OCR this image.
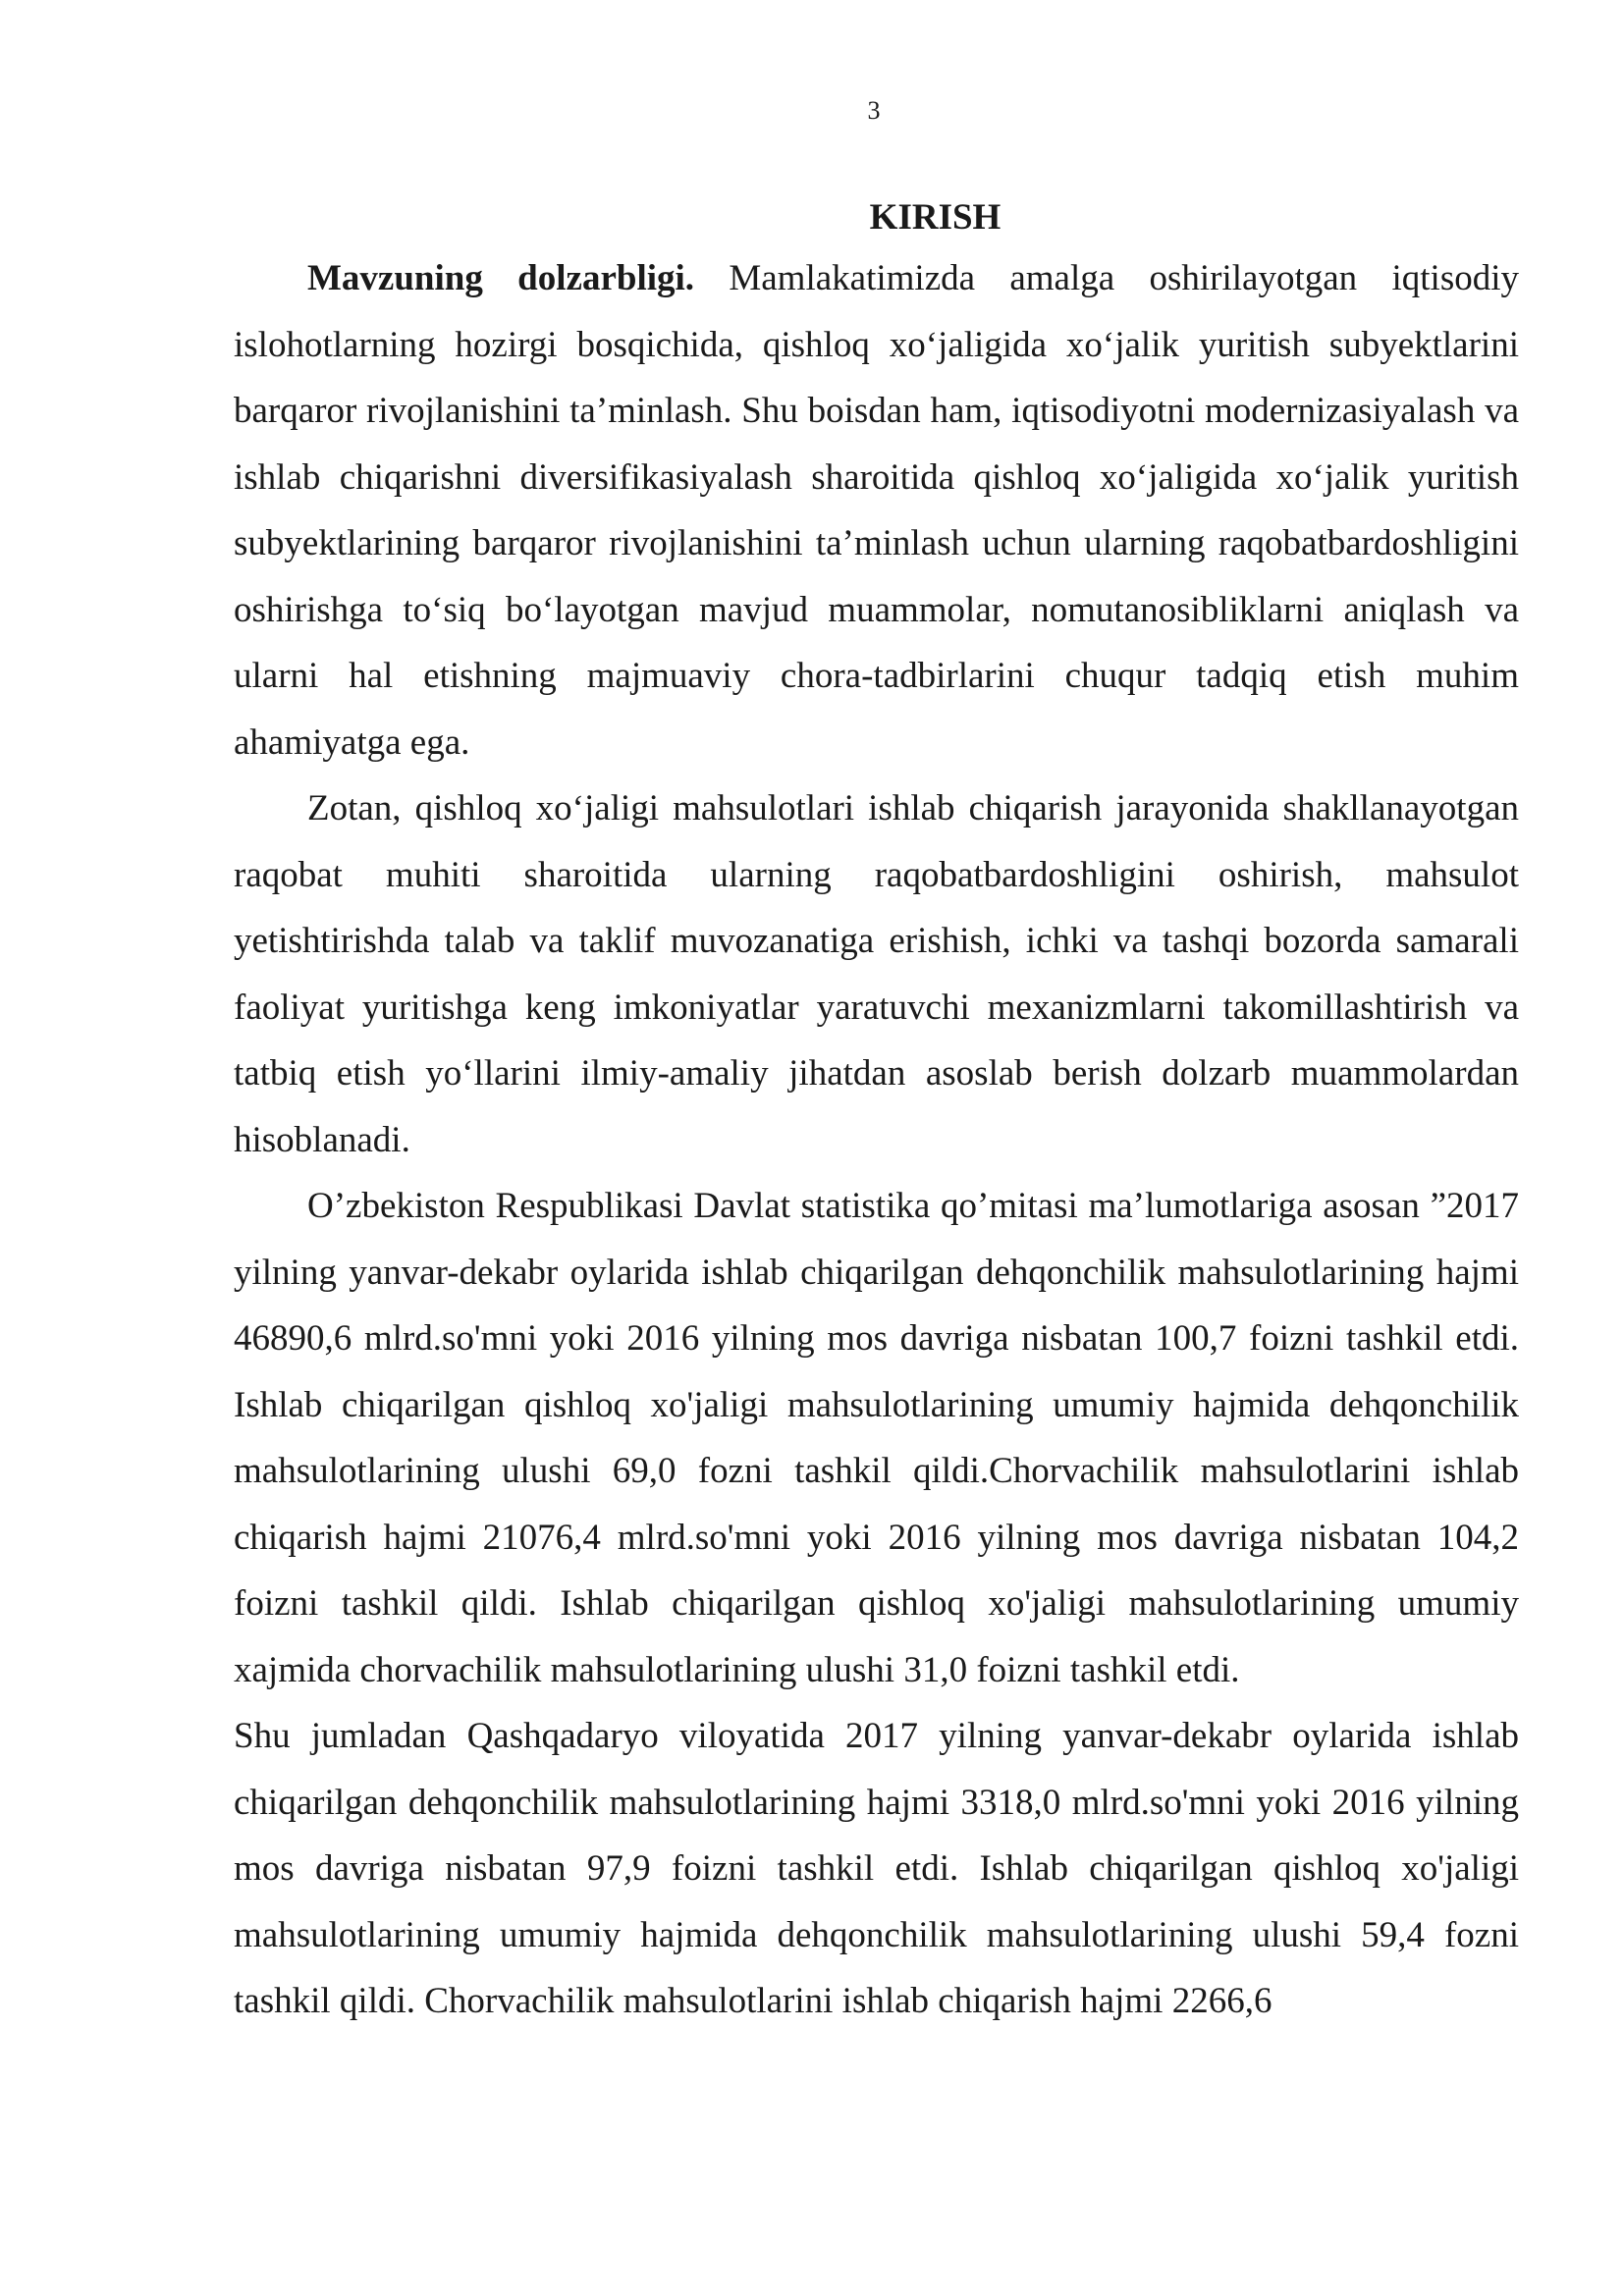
3
KIRISH

Mavzuning dolzarbligi. Mamlakatimizda amalga oshirilayotgan iqtisodiy islohotlarning hozirgi bosqichida, qishloq xo‘jaligida xo‘jalik yuritish subyektlarini barqaror rivojlanishini ta’minlash. Shu boisdan ham, iqtisodiyotni modernizasiyalash va ishlab chiqarishni diversifikasiyalash sharoitida qishloq xo‘jaligida xo‘jalik yuritish subyektlarining barqaror rivojlanishini ta’minlash uchun ularning raqobatbardoshligini oshirishga to‘siq bo‘layotgan mavjud muammolar, nomutanosibliklarni aniqlash va ularni hal etishning majmuaviy chora-tadbirlarini chuqur tadqiq etish muhim ahamiyatga ega.

Zotan, qishloq xo‘jaligi mahsulotlari ishlab chiqarish jarayonida shakllanayotgan raqobat muhiti sharoitida ularning raqobatbardoshligini oshirish, mahsulot yetishtirishda talab va taklif muvozanatiga erishish, ichki va tashqi bozorda samarali faoliyat yuritishga keng imkoniyatlar yaratuvchi mexanizmlarni takomillashtirish va tatbiq etish yo‘llarini ilmiy-amaliy jihatdan asoslab berish dolzarb muammolardan hisoblanadi.

O’zbekiston Respublikasi Davlat statistika qo’mitasi ma’lumotlariga asosan ”2017 yilning yanvar-dekabr oylarida ishlab chiqarilgan dehqonchilik mahsulotlarining hajmi 46890,6 mlrd.so'mni yoki 2016 yilning mos davriga nisbatan 100,7 foizni tashkil etdi. Ishlab chiqarilgan qishloq xo'jaligi mahsulotlarining umumiy hajmida dehqonchilik mahsulotlarining ulushi 69,0 fozni tashkil qildi.Chorvachilik mahsulotlarini ishlab chiqarish hajmi 21076,4 mlrd.so'mni yoki 2016 yilning mos davriga nisbatan 104,2 foizni tashkil qildi. Ishlab chiqarilgan qishloq xo'jaligi mahsulotlarining umumiy xajmida chorvachilik mahsulotlarining ulushi 31,0 foizni tashkil etdi.

Shu jumladan Qashqadaryo viloyatida 2017 yilning yanvar-dekabr oylarida ishlab chiqarilgan dehqonchilik mahsulotlarining hajmi 3318,0 mlrd.so'mni yoki 2016 yilning mos davriga nisbatan 97,9 foizni tashkil etdi. Ishlab chiqarilgan qishloq xo'jaligi mahsulotlarining umumiy hajmida dehqonchilik mahsulotlarining ulushi 59,4 fozni tashkil qildi. Chorvachilik mahsulotlarini ishlab chiqarish hajmi 2266,6
